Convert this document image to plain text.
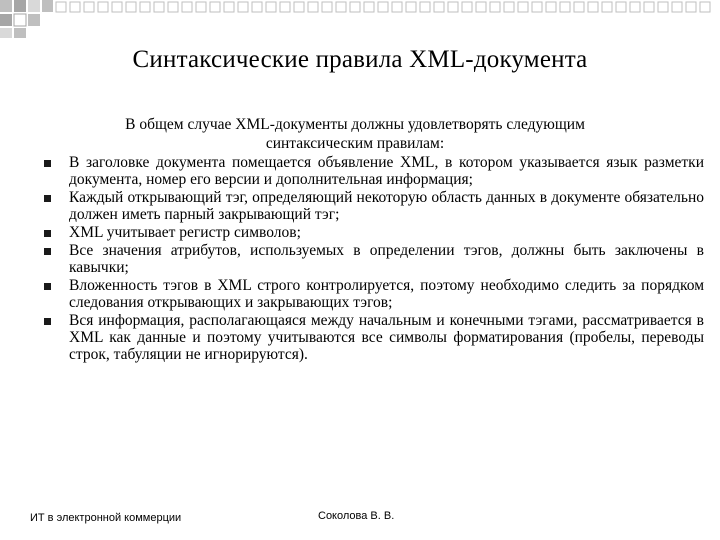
Синтаксические правила XML-документа
В общем случае XML-документы должны удовлетворять следующим синтаксическим правилам:
В заголовке документа помещается объявление XML, в котором указывается язык разметки документа, номер его версии и дополнительная информация;
Каждый открывающий тэг, определяющий некоторую область данных в документе обязательно должен иметь парный закрывающий тэг;
XML учитывает регистр символов;
Все значения атрибутов, используемых в определении тэгов, должны быть заключены в кавычки;
Вложенность тэгов в XML строго контролируется, поэтому необходимо следить за порядком следования открывающих и закрывающих тэгов;
Вся информация, располагающаяся между начальным и конечными тэгами, рассматривается в XML как данные и поэтому учитываются все символы форматирования (пробелы, переводы строк, табуляции не игнорируются).
ИТ в электронной коммерции	Соколова В. В.
